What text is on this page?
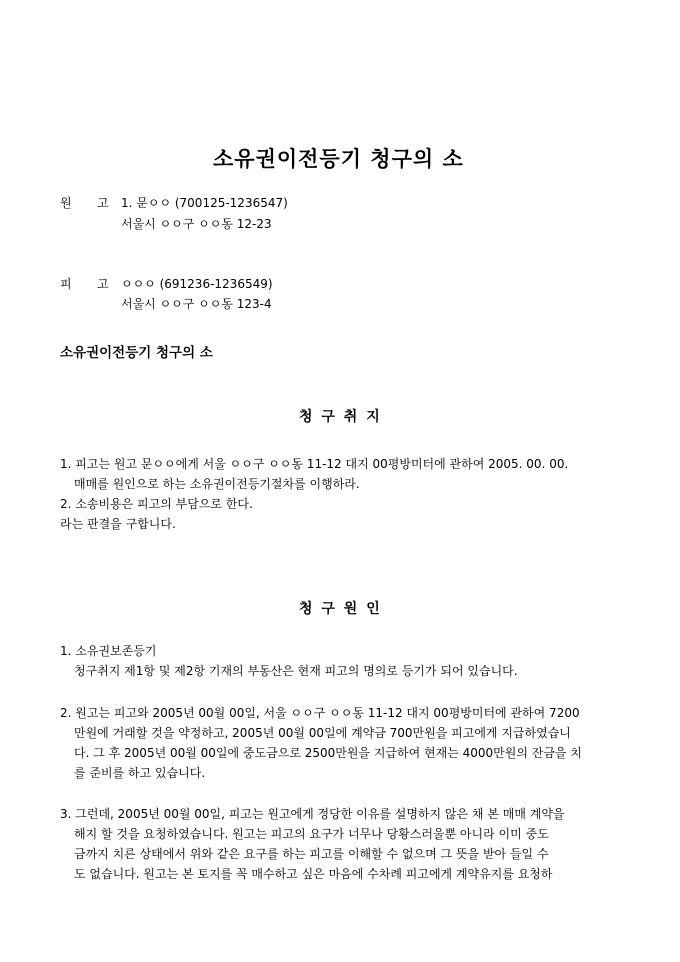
소유권이전등기 청구의 소
원 고 1. 문ㅇㅇ (700125-1236547)
서울시 ㅇㅇ구 ㅇㅇ동 12-23
피 고 ㅇㅇㅇ (691236-1236549)
서울시 ㅇㅇ구 ㅇㅇ동 123-4
소유권이전등기 청구의 소
청 구 취 지
1. 피고는 원고 문ㅇㅇ에게 서울 ㅇㅇ구 ㅇㅇ동 11-12 대지 00평방미터에 관하여 2005. 00. 00.
매매를 원인으로 하는 소유권이전등기절차를 이행하라.
2. 소송비용은 피고의 부담으로 한다.
라는 판결을 구합니다.
청 구 원 인
1. 소유권보존등기
청구취지 제1항 및 제2항 기재의 부동산은 현재 피고의 명의로 등기가 되어 있습니다.
2. 원고는 피고와 2005년 00월 00일, 서울 ㅇㅇ구 ㅇㅇ동 11-12 대지 00평방미터에 관하여 7200
만원에 거래할 것을 약정하고, 2005년 00월 00일에 계약금 700만원을 피고에게 지급하였습니
다. 그 후 2005년 00월 00일에 중도금으로 2500만원을 지급하여 현재는 4000만원의 잔금을 치
를 준비를 하고 있습니다.
3. 그런데, 2005년 00월 00일, 피고는 원고에게 정당한 이유를 설명하지 않은 채 본 매매 계약을
해지 할 것을 요청하였습니다. 원고는 피고의 요구가 너무나 당황스러울뿐 아니라 이미 중도
금까지 치른 상태에서 위와 같은 요구를 하는 피고를 이해할 수 없으며 그 뜻을 받아 들일 수
도 없습니다. 원고는 본 토지를 꼭 매수하고 싶은 마음에 수차례 피고에게 계약유지를 요청하
